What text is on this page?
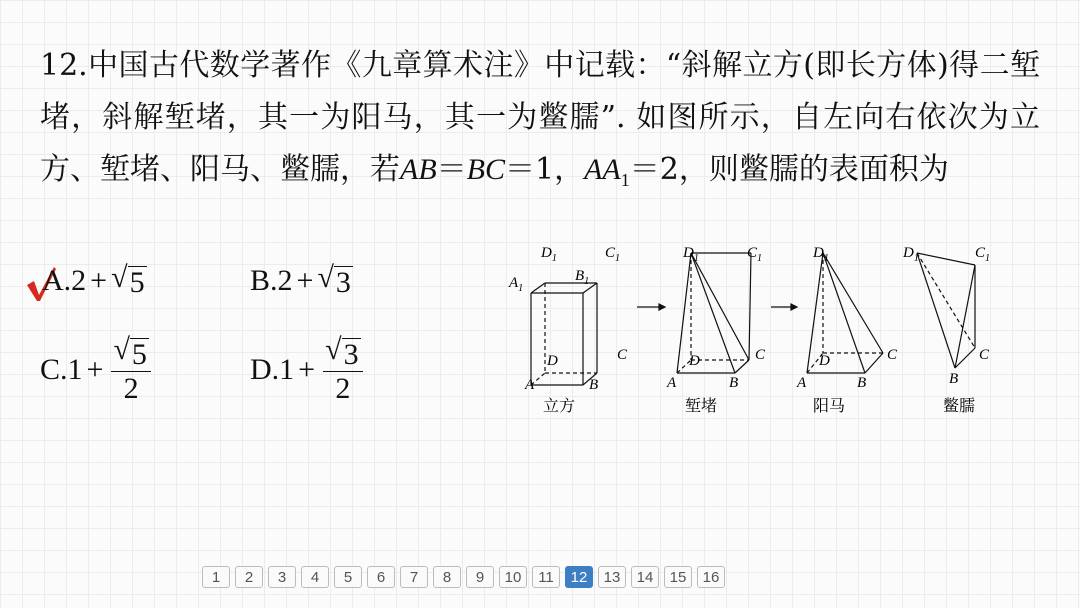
12.中国古代数学著作《九章算术注》中记载：“斜解立方(即长方体)得二堑堵，斜解堑堵，其一为阳马，其一为鳖臑”. 如图所示，自左向右依次为立方、堑堵、阳马、鳖臑，若AB＝BC＝1，$AA_1=2$，则鳖臑的表面积为
A. 2 + √ 5	B. 2 + √ 3
C. $1 + \frac{√ 5}{2}$	D. $1 + \frac{√ 3}{2}$
$D_1$	$C_1$
$A_1$
$B_1$
D	C
A	B
立方
$D_1$	$C_1$
D	C
A	B
堑堵
$D_1$
D	C
A	B
阳马
$D_1$	$C_1$
C
B
鳖臑
1	2	3	4	5	6	7	8	9	10	11	12	13	14	15	16
